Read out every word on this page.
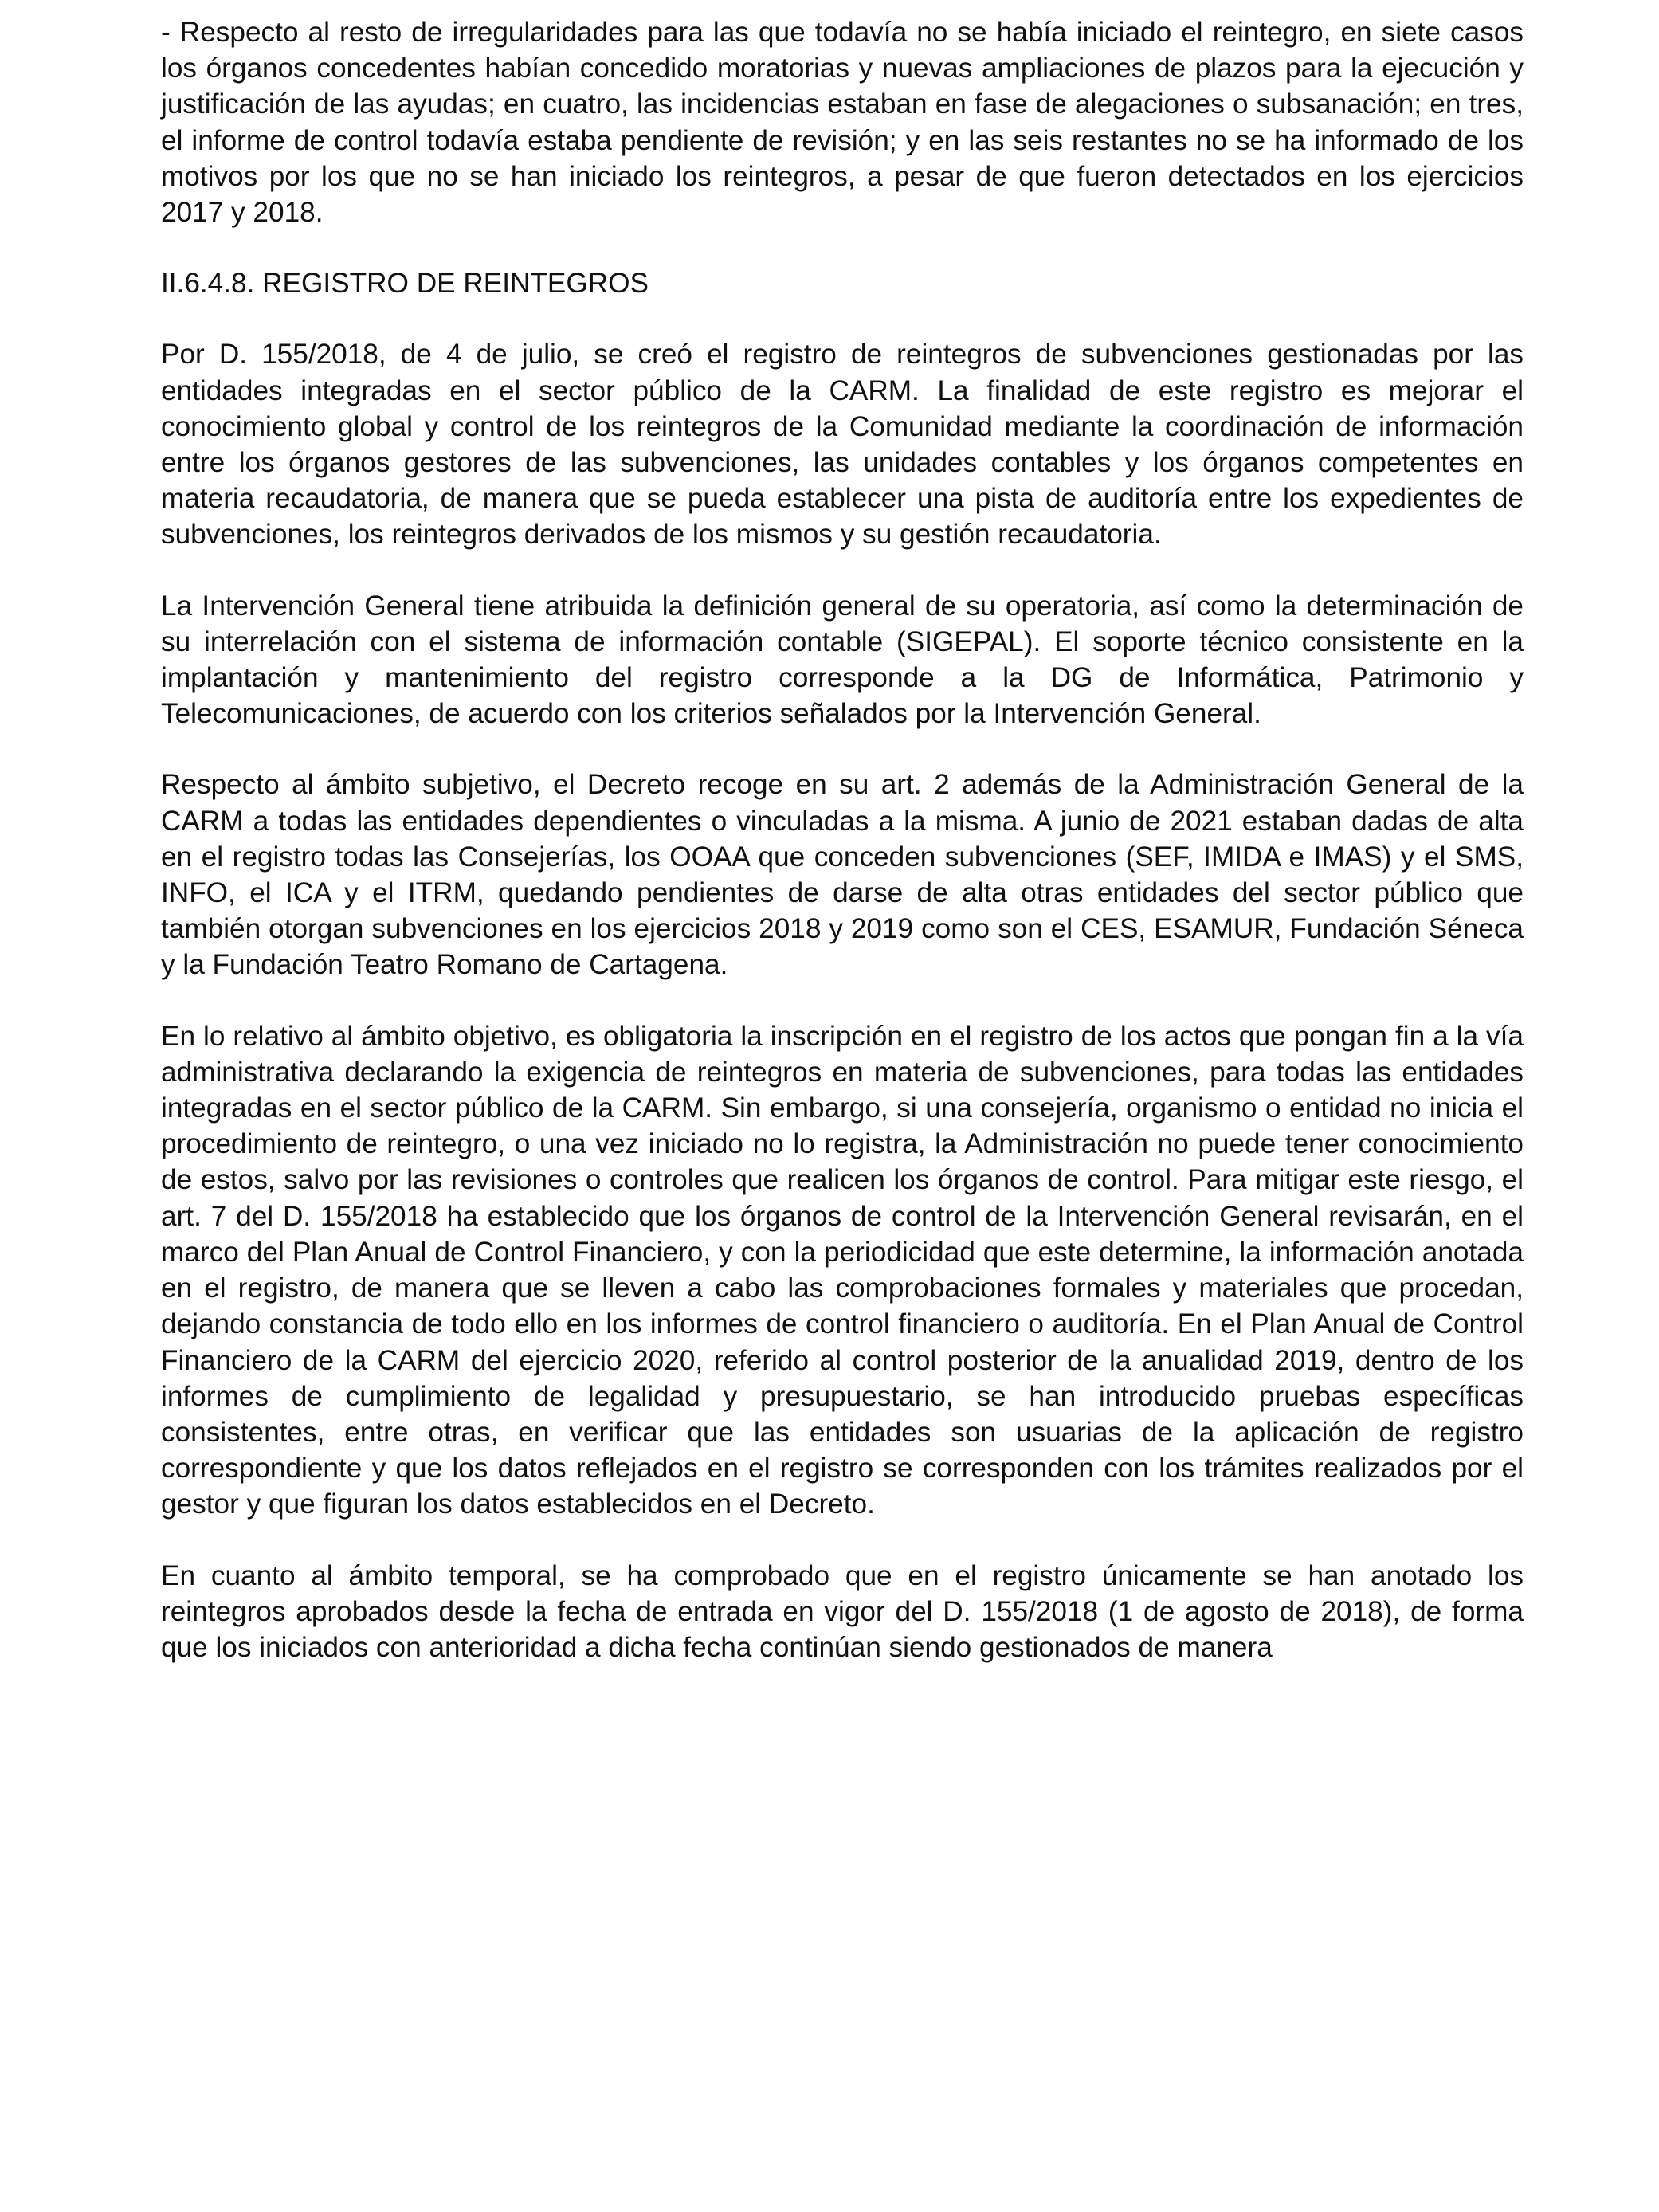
- Respecto al resto de irregularidades para las que todavía no se había iniciado el reintegro, en siete casos los órganos concedentes habían concedido moratorias y nuevas ampliaciones de plazos para la ejecución y justificación de las ayudas; en cuatro, las incidencias estaban en fase de alegaciones o subsanación; en tres, el informe de control todavía estaba pendiente de revisión; y en las seis restantes no se ha informado de los motivos por los que no se han iniciado los reintegros, a pesar de que fueron detectados en los ejercicios 2017 y 2018.

II.6.4.8. REGISTRO DE REINTEGROS

Por D. 155/2018, de 4 de julio, se creó el registro de reintegros de subvenciones gestionadas por las entidades integradas en el sector público de la CARM. La finalidad de este registro es mejorar el conocimiento global y control de los reintegros de la Comunidad mediante la coordinación de información entre los órganos gestores de las subvenciones, las unidades contables y los órganos competentes en materia recaudatoria, de manera que se pueda establecer una pista de auditoría entre los expedientes de subvenciones, los reintegros derivados de los mismos y su gestión recaudatoria.

La Intervención General tiene atribuida la definición general de su operatoria, así como la determinación de su interrelación con el sistema de información contable (SIGEPAL). El soporte técnico consistente en la implantación y mantenimiento del registro corresponde a la DG de Informática, Patrimonio y Telecomunicaciones, de acuerdo con los criterios señalados por la Intervención General.

Respecto al ámbito subjetivo, el Decreto recoge en su art. 2 además de la Administración General de la CARM a todas las entidades dependientes o vinculadas a la misma. A junio de 2021 estaban dadas de alta en el registro todas las Consejerías, los OOAA que conceden subvenciones (SEF, IMIDA e IMAS) y el SMS, INFO, el ICA y el ITRM, quedando pendientes de darse de alta otras entidades del sector público que también otorgan subvenciones en los ejercicios 2018 y 2019 como son el CES, ESAMUR, Fundación Séneca y la Fundación Teatro Romano de Cartagena.

En lo relativo al ámbito objetivo, es obligatoria la inscripción en el registro de los actos que pongan fin a la vía administrativa declarando la exigencia de reintegros en materia de subvenciones, para todas las entidades integradas en el sector público de la CARM. Sin embargo, si una consejería, organismo o entidad no inicia el procedimiento de reintegro, o una vez iniciado no lo registra, la Administración no puede tener conocimiento de estos, salvo por las revisiones o controles que realicen los órganos de control. Para mitigar este riesgo, el art. 7 del D. 155/2018 ha establecido que los órganos de control de la Intervención General revisarán, en el marco del Plan Anual de Control Financiero, y con la periodicidad que este determine, la información anotada en el registro, de manera que se lleven a cabo las comprobaciones formales y materiales que procedan, dejando constancia de todo ello en los informes de control financiero o auditoría. En el Plan Anual de Control Financiero de la CARM del ejercicio 2020, referido al control posterior de la anualidad 2019, dentro de los informes de cumplimiento de legalidad y presupuestario, se han introducido pruebas específicas consistentes, entre otras, en verificar que las entidades son usuarias de la aplicación de registro correspondiente y que los datos reflejados en el registro se corresponden con los trámites realizados por el gestor y que figuran los datos establecidos en el Decreto.

En cuanto al ámbito temporal, se ha comprobado que en el registro únicamente se han anotado los reintegros aprobados desde la fecha de entrada en vigor del D. 155/2018 (1 de agosto de 2018), de forma que los iniciados con anterioridad a dicha fecha continúan siendo gestionados de manera
